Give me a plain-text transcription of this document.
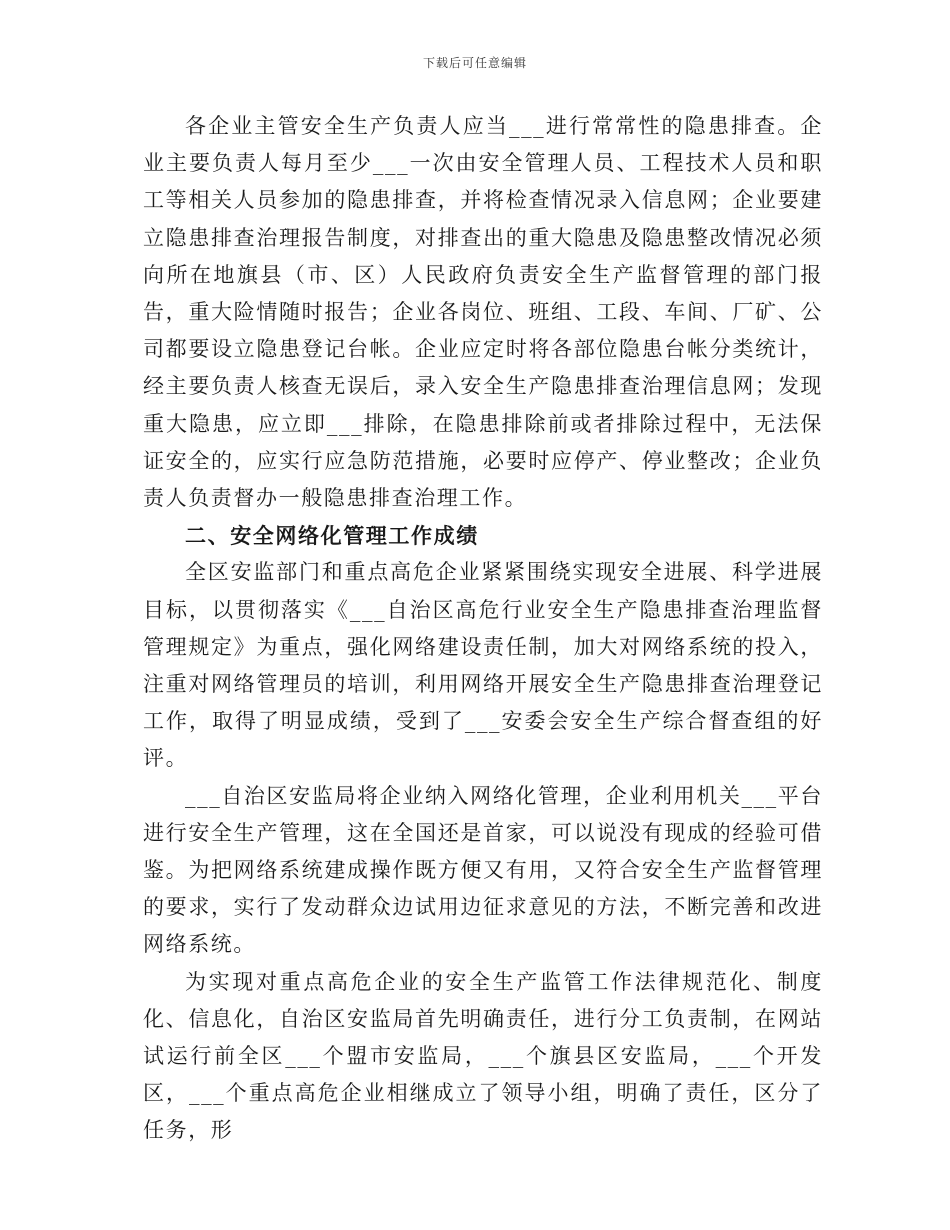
下载后可任意编辑

各企业主管安全生产负责人应当___进行常常性的隐患排查。企业主要负责人每月至少___一次由安全管理人员、工程技术人员和职工等相关人员参加的隐患排查，并将检查情况录入信息网；企业要建立隐患排查治理报告制度，对排查出的重大隐患及隐患整改情况必须向所在地旗县（市、区）人民政府负责安全生产监督管理的部门报告，重大险情随时报告；企业各岗位、班组、工段、车间、厂矿、公司都要设立隐患登记台帐。企业应定时将各部位隐患台帐分类统计，经主要负责人核查无误后，录入安全生产隐患排查治理信息网；发现重大隐患，应立即___排除，在隐患排除前或者排除过程中，无法保证安全的，应实行应急防范措施，必要时应停产、停业整改；企业负责人负责督办一般隐患排查治理工作。

二、安全网络化管理工作成绩

全区安监部门和重点高危企业紧紧围绕实现安全进展、科学进展目标，以贯彻落实《___自治区高危行业安全生产隐患排查治理监督管理规定》为重点，强化网络建设责任制，加大对网络系统的投入，注重对网络管理员的培训，利用网络开展安全生产隐患排查治理登记工作，取得了明显成绩，受到了___安委会安全生产综合督查组的好评。

___自治区安监局将企业纳入网络化管理，企业利用机关___平台进行安全生产管理，这在全国还是首家，可以说没有现成的经验可借鉴。为把网络系统建成操作既方便又有用，又符合安全生产监督管理的要求，实行了发动群众边试用边征求意见的方法，不断完善和改进网络系统。

为实现对重点高危企业的安全生产监管工作法律规范化、制度化、信息化，自治区安监局首先明确责任，进行分工负责制，在网站试运行前全区___个盟市安监局，___个旗县区安监局，___个开发区，___个重点高危企业相继成立了领导小组，明确了责任，区分了任务，形
